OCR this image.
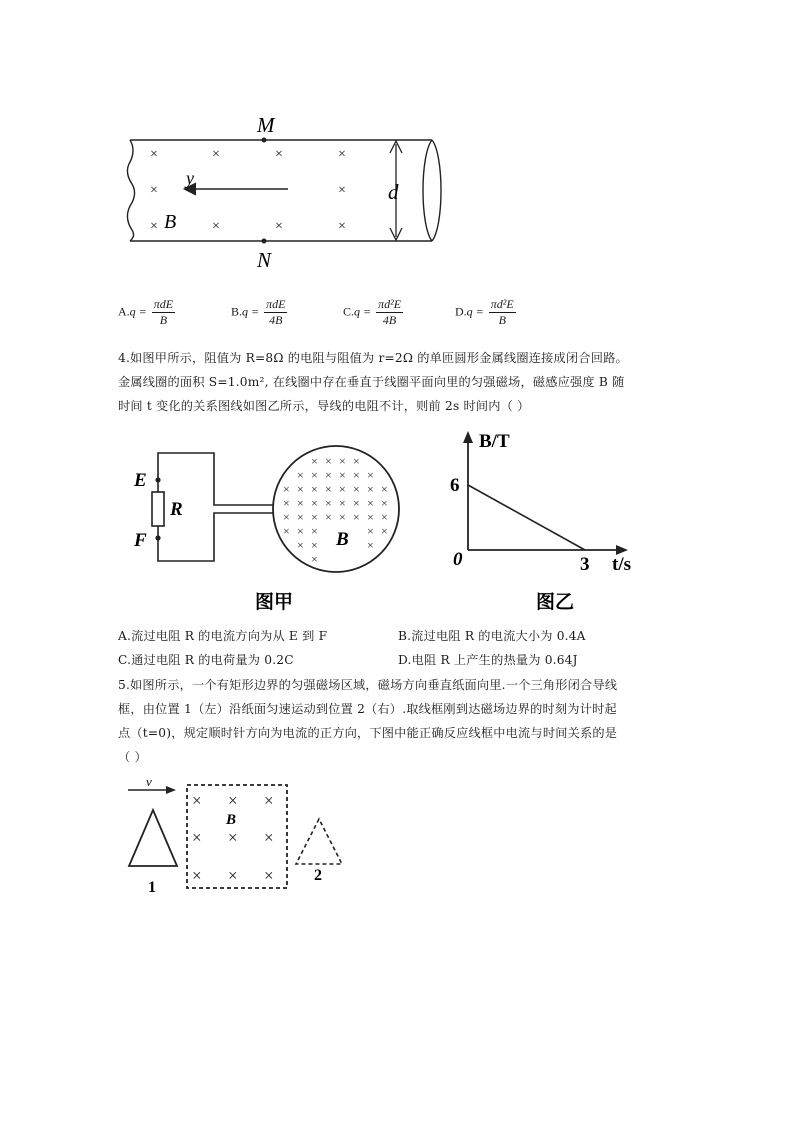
×	×	×	×
×	×
×	×	×	×
M
N
d
y
B
$A.q = \frac{\text{πdE}}{B}$	$B.q = \frac{\text{πdE}}{4B}$	$C.q = \frac{\text{πd²E}}{4B}$	$D.q = \frac{\text{πd²E}}{B}$
4.如图甲所示，阻值为 R=8Ω 的电阻与阻值为 r=2Ω 的单匝圆形金属线圈连接成闭合回路。
金属线圈的面积 S=1.0m², 在线圈中存在垂直于线圈平面向里的匀强磁场，磁感应强度 B 随
时间 t 变化的关系图线如图乙所示，导线的电阻不计，则前 2s 时间内（ ）
× × × ×
× × × × × ×
× × × × × × × ×
× × × × × × × ×
× × × × × × × ×
× × ×	× ×
× ×	×
×
E
F
R
B
图甲
6
3
0
B/T
t/s
图乙
A.流过电阻 R 的电流方向为从 E 到 F	B.流过电阻 R 的电流大小为 0.4A
C.通过电阻 R 的电荷量为 0.2C	D.电阻 R 上产生的热量为 0.64J
5.如图所示，一个有矩形边界的匀强磁场区域，磁场方向垂直纸面向里.一个三角形闭合导线
框，由位置 1（左）沿纸面匀速运动到位置 2（右）.取线框刚到达磁场边界的时刻为计时起
点（t=0)，规定顺时针方向为电流的正方向，下图中能正确反应线框中电流与时间关系的是
（ ）
v
1
× × ×
× × ×
× × ×
B
2
